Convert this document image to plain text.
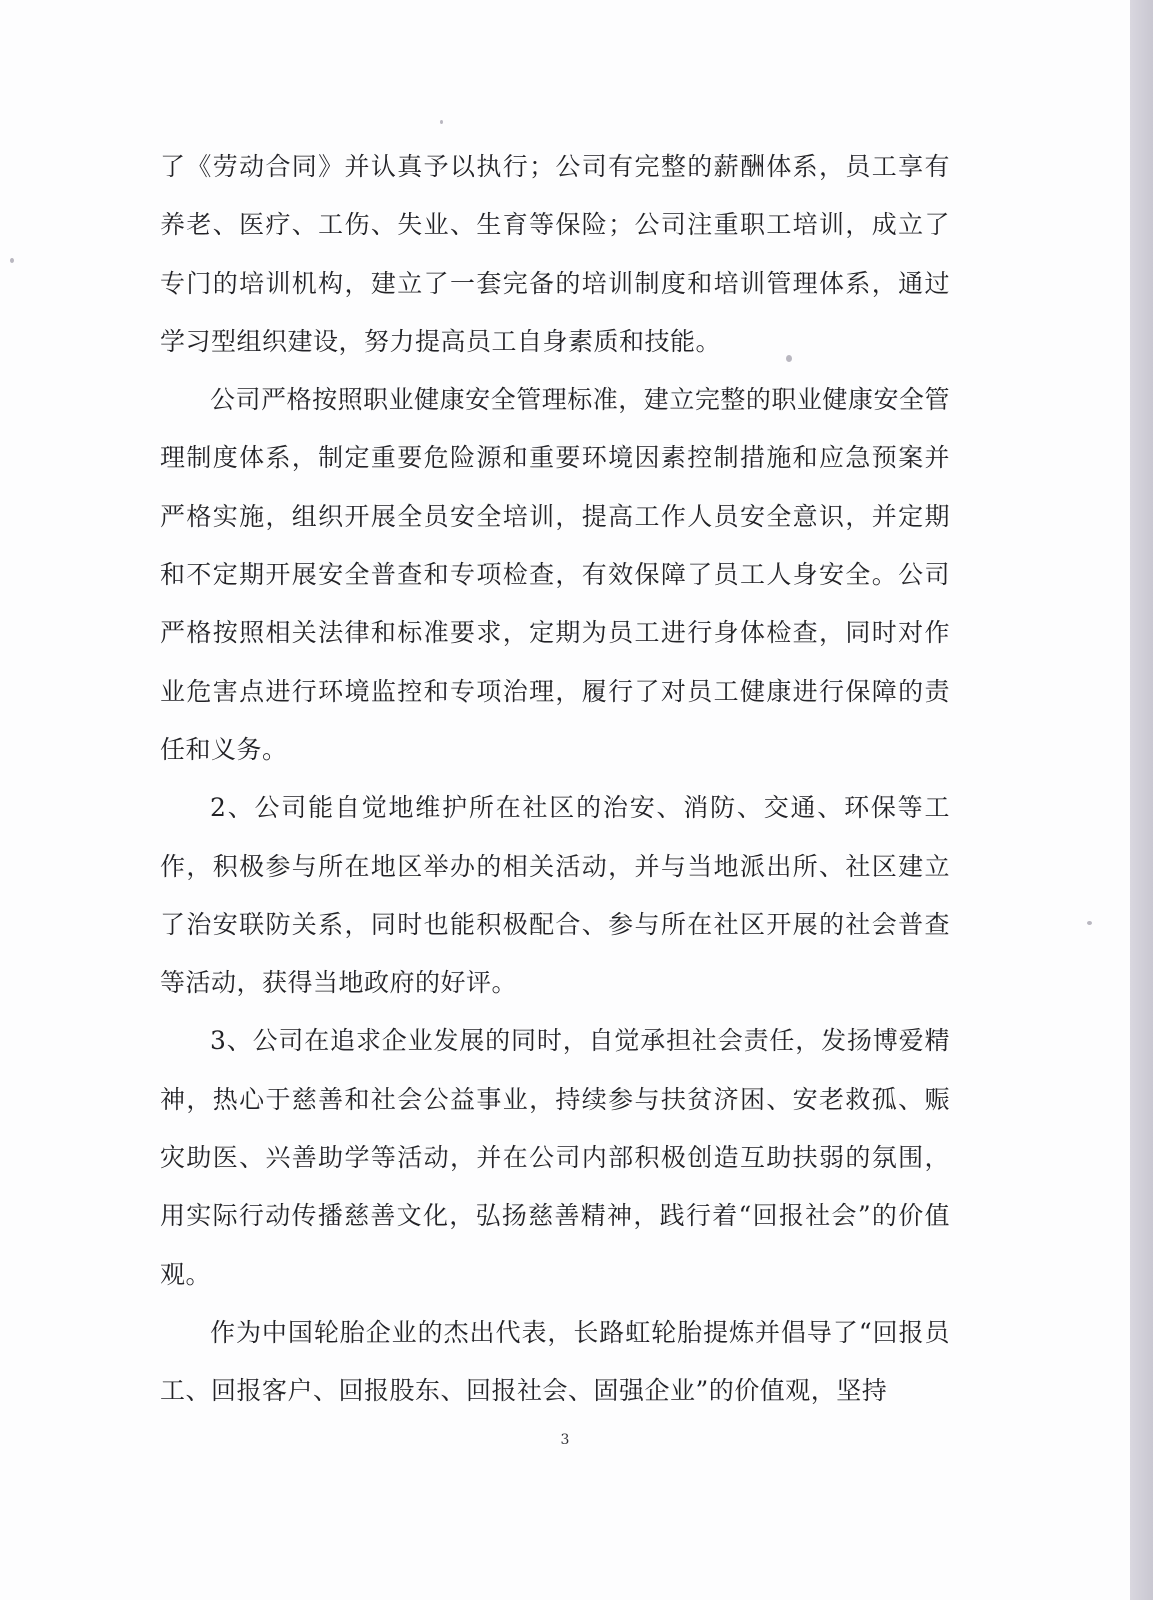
了《劳动合同》并认真予以执行；公司有完整的薪酬体系，员工享有养老、医疗、工伤、失业、生育等保险；公司注重职工培训，成立了专门的培训机构，建立了一套完备的培训制度和培训管理体系，通过学习型组织建设，努力提高员工自身素质和技能。

公司严格按照职业健康安全管理标准，建立完整的职业健康安全管理制度体系，制定重要危险源和重要环境因素控制措施和应急预案并严格实施，组织开展全员安全培训，提高工作人员安全意识，并定期和不定期开展安全普查和专项检查，有效保障了员工人身安全。公司严格按照相关法律和标准要求，定期为员工进行身体检查，同时对作业危害点进行环境监控和专项治理，履行了对员工健康进行保障的责任和义务。

2、公司能自觉地维护所在社区的治安、消防、交通、环保等工作，积极参与所在地区举办的相关活动，并与当地派出所、社区建立了治安联防关系，同时也能积极配合、参与所在社区开展的社会普查等活动，获得当地政府的好评。

3、公司在追求企业发展的同时，自觉承担社会责任，发扬博爱精神，热心于慈善和社会公益事业，持续参与扶贫济困、安老救孤、赈灾助医、兴善助学等活动，并在公司内部积极创造互助扶弱的氛围，用实际行动传播慈善文化，弘扬慈善精神，践行着“回报社会”的价值观。

作为中国轮胎企业的杰出代表，长路虹轮胎提炼并倡导了“回报员工、回报客户、回报股东、回报社会、固强企业”的价值观，坚持

3
